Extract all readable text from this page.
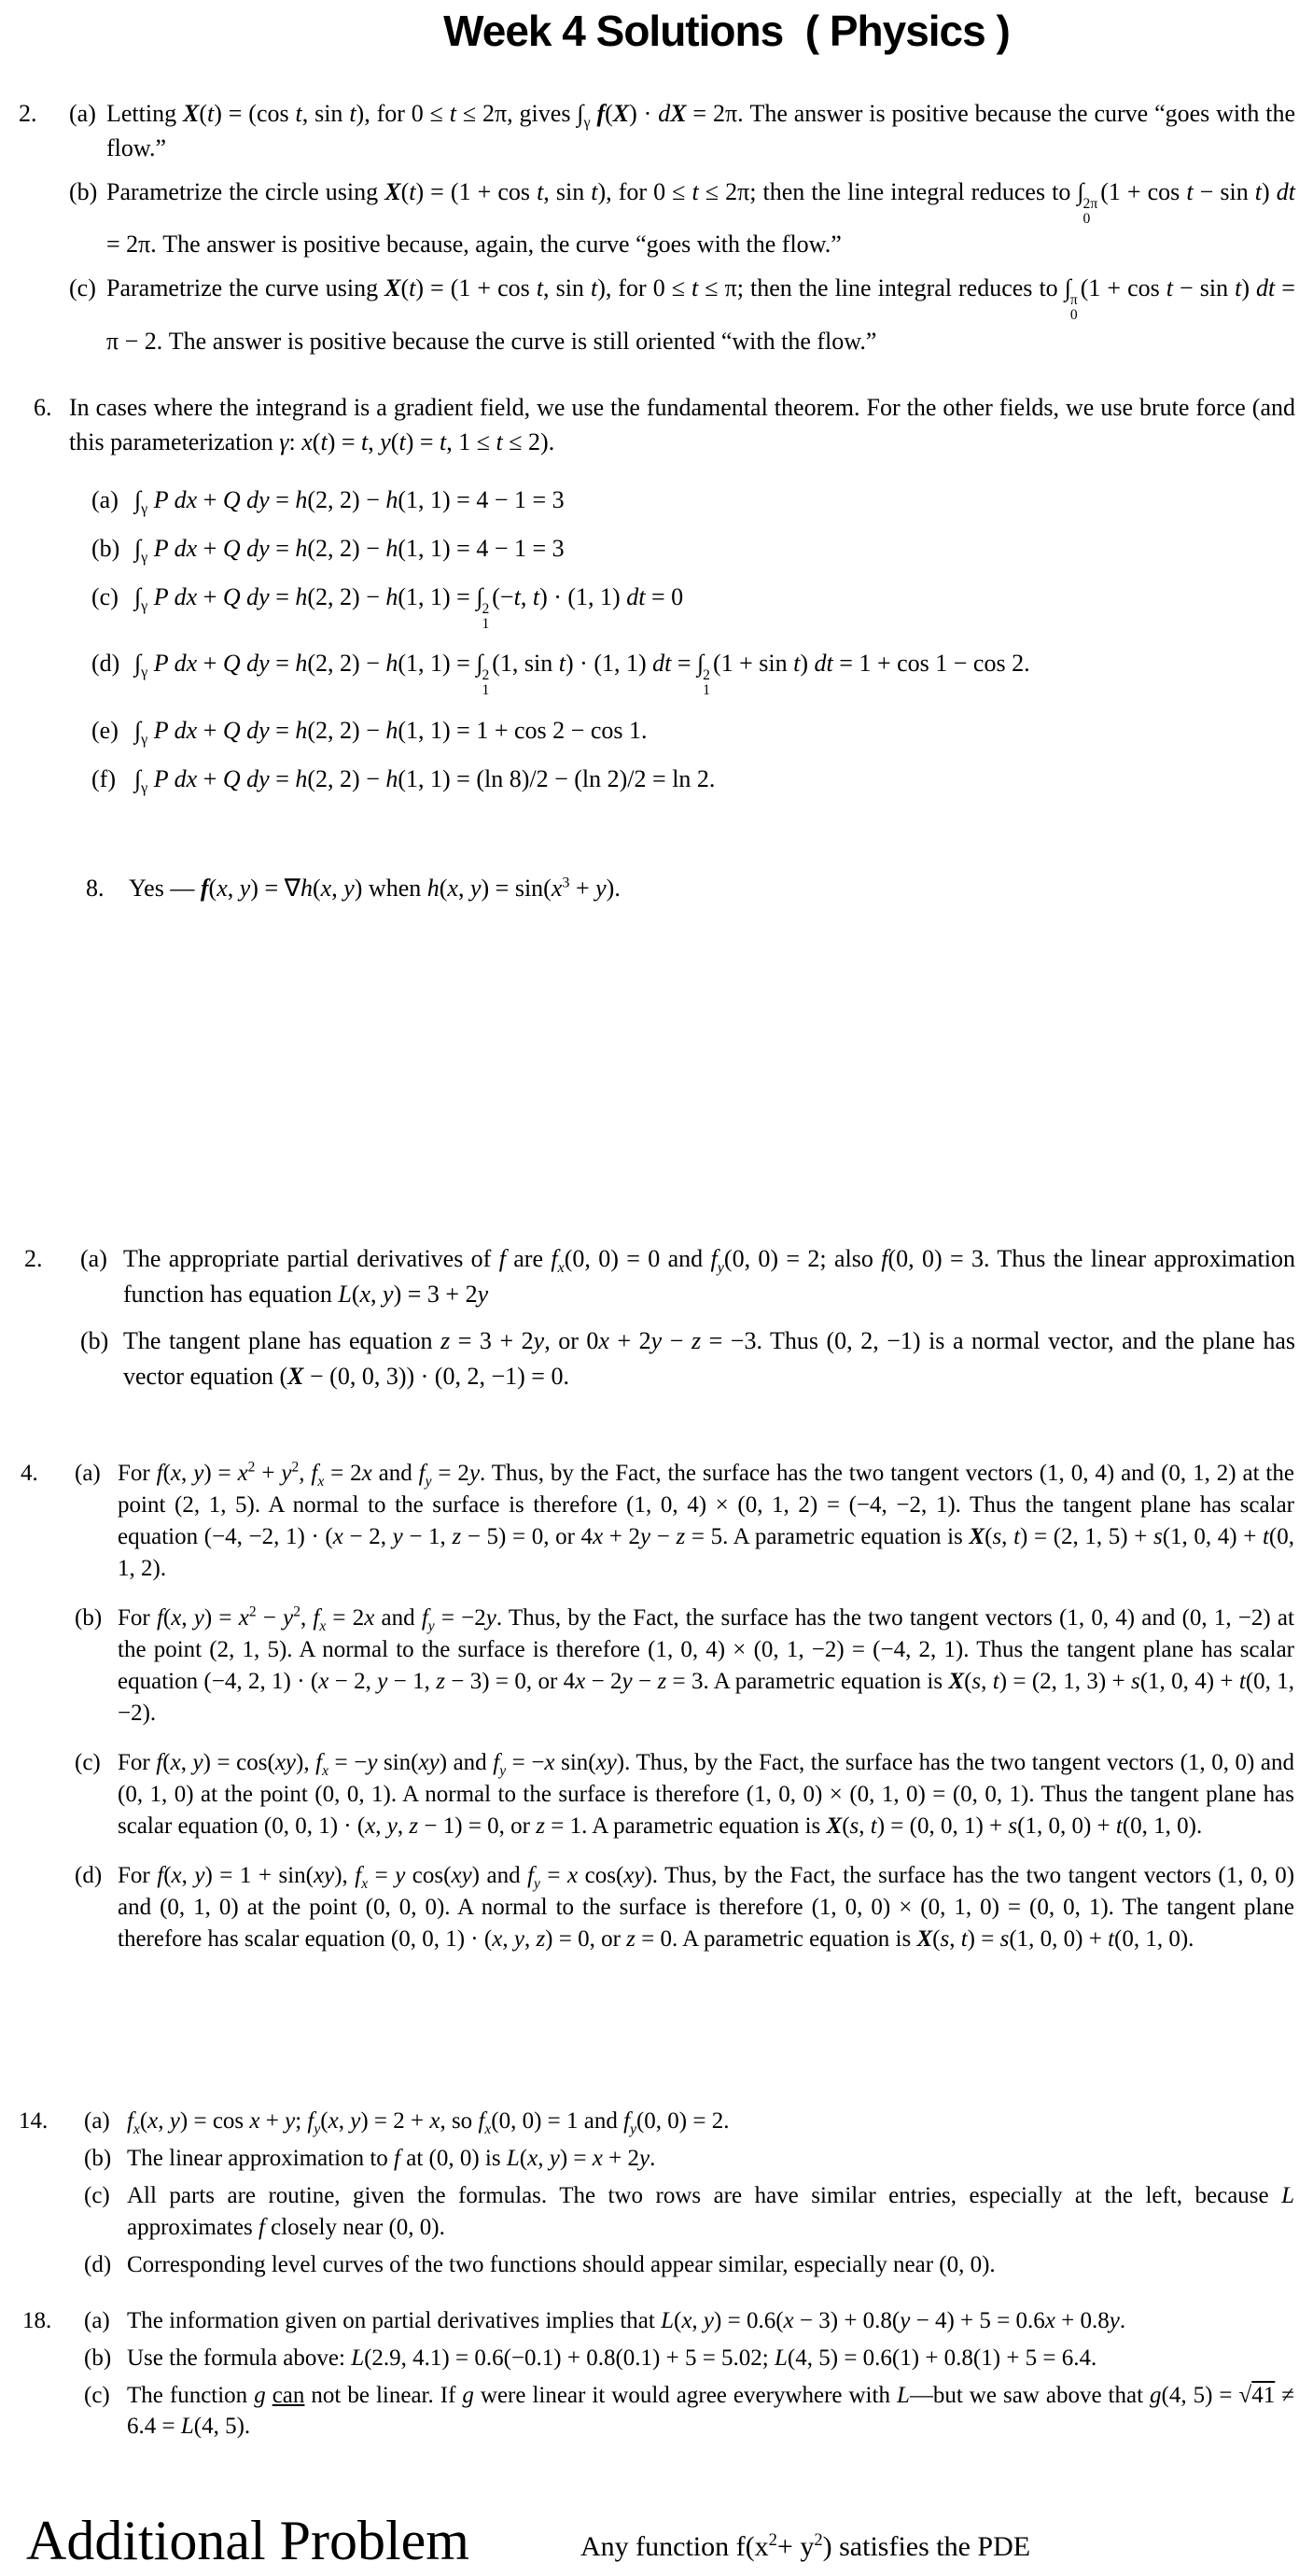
Week 4 Solutions  ( Physics )
2. (a) Letting X(t) = (cos t, sin t), for 0 ≤ t ≤ 2π, gives $\int_\gamma$ f(X) · dX = 2π. The answer is positive because the curve “goes with the flow.”
(b) Parametrize the circle using X(t) = (1 + cos t, sin t), for 0 ≤ t ≤ 2π; then the line integral reduces to ∫ 2π
0
(1 + cos t − sin t) dt = 2π. The answer is positive because, again, the curve “goes with the flow.”
(c) Parametrize the curve using X(t) = (1 + cos t, sin t), for 0 ≤ t ≤ π; then the line integral reduces to ∫ π
0
(1 + cos t − sin t) dt = π − 2. The answer is positive because the curve is still oriented “with the flow.”
6. In cases where the integrand is a gradient field, we use the fundamental theorem. For the other fields, we use brute force (and this parameterization γ: x(t) = t, y(t) = t, 1 ≤ t ≤ 2).
(a) $\int_\gamma$ P dx + Q dy = h(2, 2) − h(1, 1) = 4 − 1 = 3
(b) $\int_\gamma$ P dx + Q dy = h(2, 2) − h(1, 1) = 4 − 1 = 3
(c) $\int_\gamma$ P dx + Q dy = h(2, 2) − h(1, 1) = ∫ 2
1
(−t, t) · (1, 1) dt = 0
(d) $\int_\gamma$ P dx + Q dy = h(2, 2) − h(1, 1) = ∫ 2
1
(1, sin t) · (1, 1) dt = ∫ 2
1
(1 + sin t) dt = 1 + cos 1 − cos 2.
(e) $\int_\gamma$ P dx + Q dy = h(2, 2) − h(1, 1) = 1 + cos 2 − cos 1.
(f) $\int_\gamma$ P dx + Q dy = h(2, 2) − h(1, 1) = (ln 8)/2 − (ln 2)/2 = ln 2.
8. Yes — f(x, y) = ∇h(x, y) when h(x, $y) = \sin(x^3 + y)$.
2. (a) The appropriate partial derivatives of f are $f_x(0$, 0) = 0 and $f_y(0$, 0) = 2; also f(0, 0) = 3. Thus the linear approximation function has equation L(x, y) = 3 + 2y
(b) The tangent plane has equation z = 3 + 2y, or 0x + 2y − z = −3. Thus (0, 2, −1) is a normal vector, and the plane has vector equation (X − (0, 0, 3)) · (0, 2, −1) = 0.
4. (a) For f(x, $y) = x^2 + y^2$, $f_x = 2x$ and $f_y = 2y$. Thus, by the Fact, the surface has the two tangent vectors (1, 0, 4) and (0, 1, 2) at the point (2, 1, 5). A normal to the surface is therefore (1, 0, 4) × (0, 1, 2) = (−4, −2, 1). Thus the tangent plane has scalar equation (−4, −2, 1) · (x − 2, y − 1, z − 5) = 0, or 4x + 2y − z = 5. A parametric equation is X(s, t) = (2, 1, 5) + s(1, 0, 4) + t(0, 1, 2).
(b) For f(x, $y) = x^2 - y^2$, $f_x = 2x$ and $f_y = -2y$. Thus, by the Fact, the surface has the two tangent vectors (1, 0, 4) and (0, 1, −2) at the point (2, 1, 5). A normal to the surface is therefore (1, 0, 4) × (0, 1, −2) = (−4, 2, 1). Thus the tangent plane has scalar equation (−4, 2, 1) · (x − 2, y − 1, z − 3) = 0, or 4x − 2y − z = 3. A parametric equation is X(s, t) = (2, 1, 3) + s(1, 0, 4) + t(0, 1, −2).
(c) For f(x, y) = cos(xy), $f_x = -y$ sin(xy) and $f_y = -x$ sin(xy). Thus, by the Fact, the surface has the two tangent vectors (1, 0, 0) and (0, 1, 0) at the point (0, 0, 1). A normal to the surface is therefore (1, 0, 0) × (0, 1, 0) = (0, 0, 1). Thus the tangent plane has scalar equation (0, 0, 1) · (x, y, z − 1) = 0, or z = 1. A parametric equation is X(s, t) = (0, 0, 1) + s(1, 0, 0) + t(0, 1, 0).
(d) For f(x, y) = 1 + sin(xy), $f_x = y$ cos(xy) and $f_y = x$ cos(xy). Thus, by the Fact, the surface has the two tangent vectors (1, 0, 0) and (0, 1, 0) at the point (0, 0, 0). A normal to the surface is therefore (1, 0, 0) × (0, 1, 0) = (0, 0, 1). The tangent plane therefore has scalar equation (0, 0, 1) · (x, y, z) = 0, or z = 0. A parametric equation is X(s, t) = s(1, 0, 0) + t(0, 1, 0).
14. (a) $f_x(x$, y) = cos x + y; $f_y(x$, y) = 2 + x, so $f_x(0$, 0) = 1 and $f_y(0$, 0) = 2.
(b) The linear approximation to f at (0, 0) is L(x, y) = x + 2y.
(c) All parts are routine, given the formulas. The two rows are have similar entries, especially at the left, because L approximates f closely near (0, 0).
(d) Corresponding level curves of the two functions should appear similar, especially near (0, 0).
18. (a) The information given on partial derivatives implies that L(x, y) = 0.6(x − 3) + 0.8(y − 4) + 5 = 0.6x + 0.8y.
(b) Use the formula above: L(2.9, 4.1) = 0.6(−0.1) + 0.8(0.1) + 5 = 5.02; L(4, 5) = 0.6(1) + 0.8(1) + 5 = 6.4.
(c) The function g can not be linear. If g were linear it would agree everywhere with L—but we saw above that g(4, 5) = √41 ≠ 6.4 = L(4, 5).
Additional Problem	Any function $f(x^2+ y^2)$ satisfies the PDE
